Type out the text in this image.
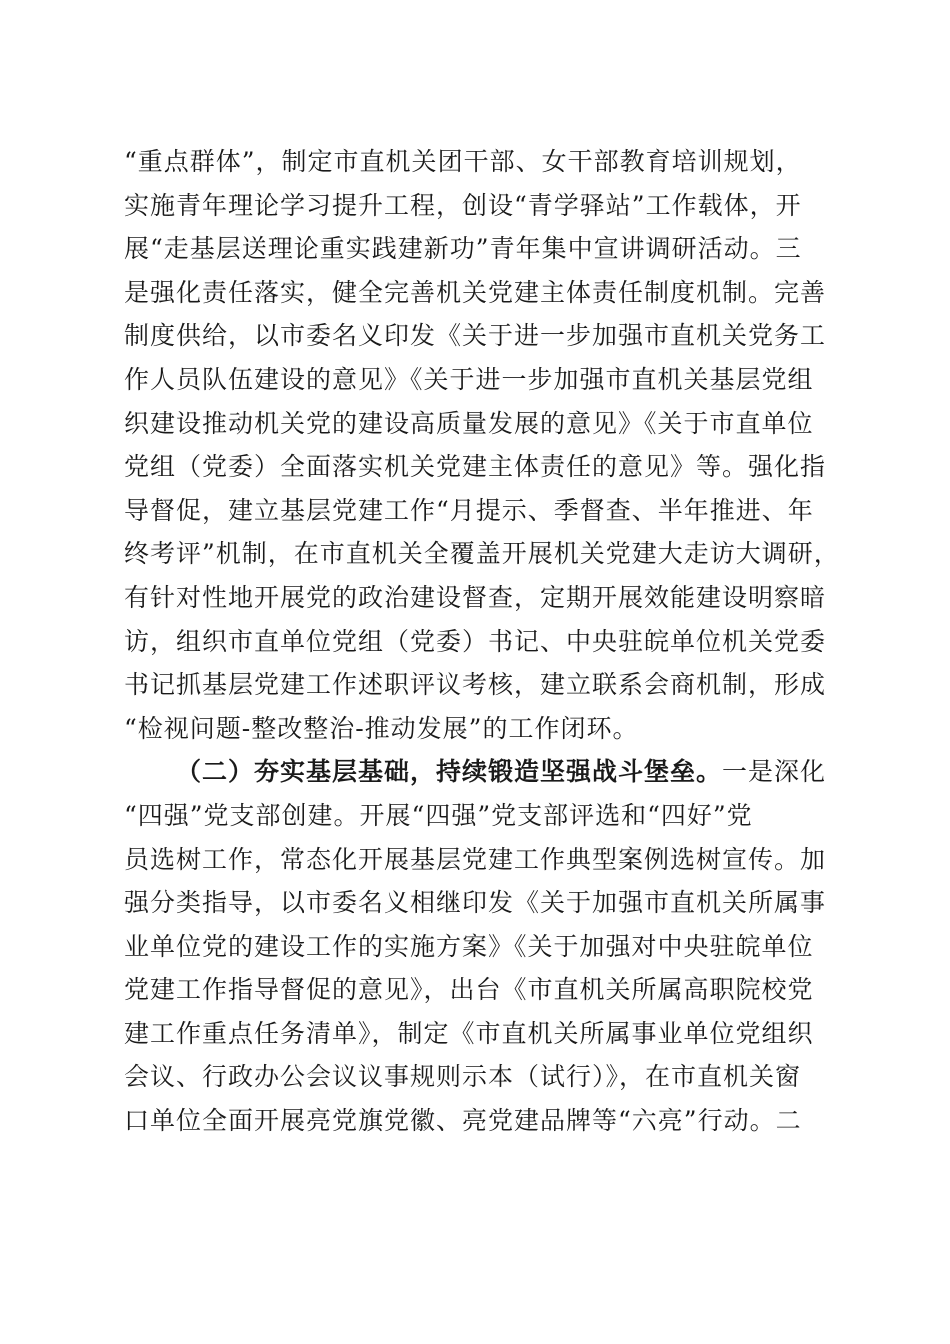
“重点群体”，制定市直机关团干部、女干部教育培训规划，
实施青年理论学习提升工程，创设“青学驿站”工作载体，开
展“走基层送理论重实践建新功”青年集中宣讲调研活动。三
是强化责任落实，健全完善机关党建主体责任制度机制。完善
制度供给，以市委名义印发《关于进一步加强市直机关党务工
作人员队伍建设的意见》《关于进一步加强市直机关基层党组
织建设推动机关党的建设高质量发展的意见》《关于市直单位
党组（党委）全面落实机关党建主体责任的意见》等。强化指
导督促，建立基层党建工作“月提示、季督查、半年推进、年
终考评”机制，在市直机关全覆盖开展机关党建大走访大调研，
有针对性地开展党的政治建设督查，定期开展效能建设明察暗
访，组织市直单位党组（党委）书记、中央驻皖单位机关党委
书记抓基层党建工作述职评议考核，建立联系会商机制，形成
“检视问题-整改整治-推动发展”的工作闭环。
（二）夯实基层基础，持续锻造坚强战斗堡垒。一是深化
“四强”党支部创建。开展“四强”党支部评选和“四好”党
员选树工作，常态化开展基层党建工作典型案例选树宣传。加
强分类指导，以市委名义相继印发《关于加强市直机关所属事
业单位党的建设工作的实施方案》《关于加强对中央驻皖单位
党建工作指导督促的意见》，出台《市直机关所属高职院校党
建工作重点任务清单》，制定《市直机关所属事业单位党组织
会议、行政办公会议议事规则示本（试行）》，在市直机关窗
口单位全面开展亮党旗党徽、亮党建品牌等“六亮”行动。二
